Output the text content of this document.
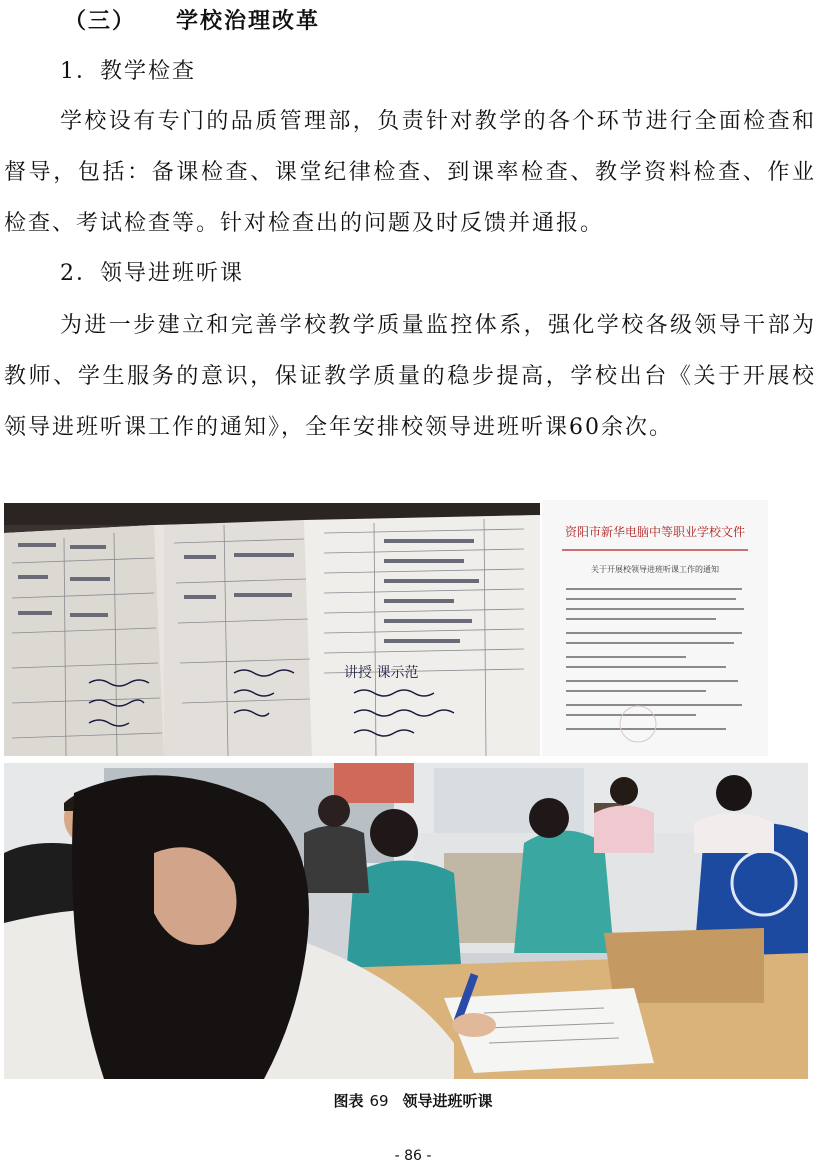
（三） 学校治理改革
1．教学检查

学校设有专门的品质管理部，负责针对教学的各个环节进行全面检查和督导，包括：备课检查、课堂纪律检查、到课率检查、教学资料检查、作业检查、考试检查等。针对检查出的问题及时反馈并通报。

2．领导进班听课

为进一步建立和完善学校教学质量监控体系，强化学校各级领导干部为教师、学生服务的意识，保证教学质量的稳步提高，学校出台《关于开展校领导进班听课工作的通知》，全年安排校领导进班听课60余次。

讲授 课示范
资阳市新华电脑中等职业学校文件
关于开展校领导进班听课工作的通知
图表 69 领导进班听课
- 86 -
